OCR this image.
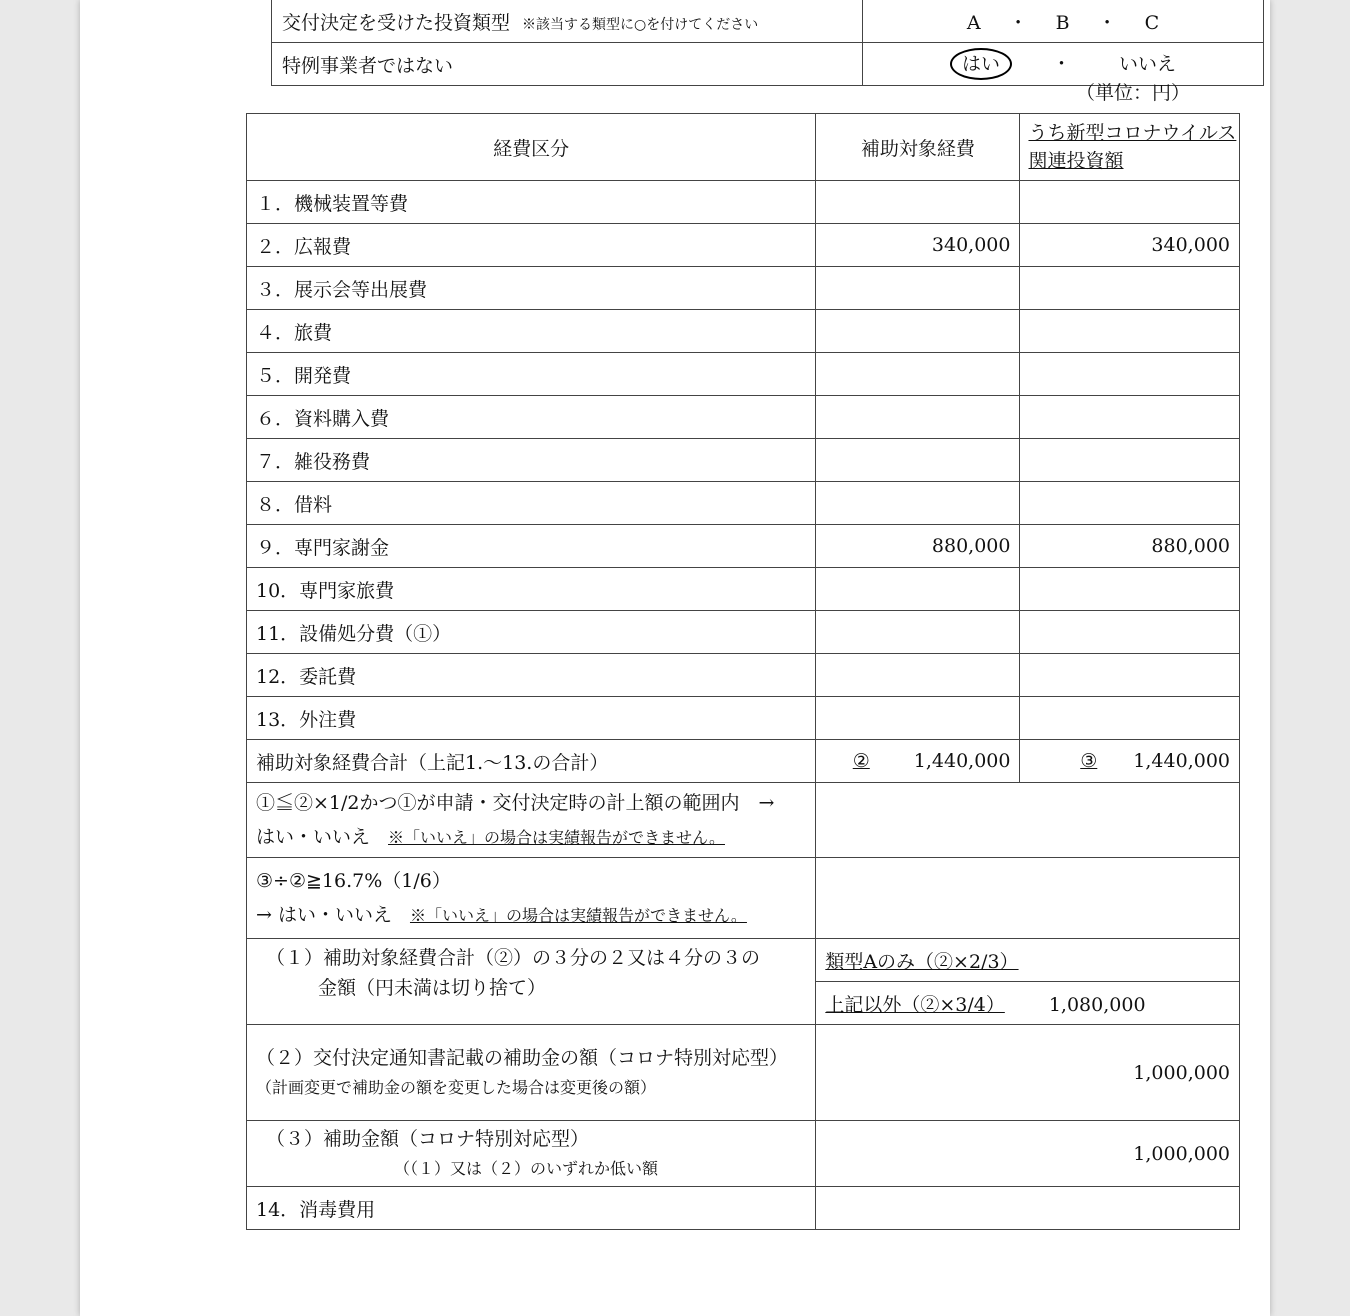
交付決定を受けた投資類型 ※該当する類型に○を付けてください	A ・ B ・ C
特例事業者ではない	はい ・ いいえ
（単位：円）
経費区分	補助対象経費	うち新型コロナウイルス関連投資額
１．機械装置等費		
２．広報費	340,000	340,000
３．展示会等出展費		
４．旅費		
５．開発費		
６．資料購入費		
７．雑役務費		
８．借料		
９．専門家謝金	880,000	880,000
10．専門家旅費		
11．設備処分費（①）		
12．委託費		
13．外注費		
補助対象経費合計（上記1.～13.の合計）	② 1,440,000	③ 1,440,000

①≦②×1/2かつ①が申請・交付決定時の計上額の範囲内　→
はい・いいえ ※「いいえ」の場合は実績報告ができません。		

③÷②≧16.7%（1/6）
→ はい・いいえ ※「いいえ」の場合は実績報告ができません。		

（１）補助対象経費合計（②）の３分の２又は４分の３の
金額（円未満は切り捨て）	類型Aのみ（②×2/3）	
	上記以外（②×3/4） 1,080,000	

（２）交付決定通知書記載の補助金の額（コロナ特別対応型）
（計画変更で補助金の額を変更した場合は変更後の額）	1,000,000	

（３）補助金額（コロナ特別対応型）
（（１）又は（２）のいずれか低い額	1,000,000	
14．消毒費用		
